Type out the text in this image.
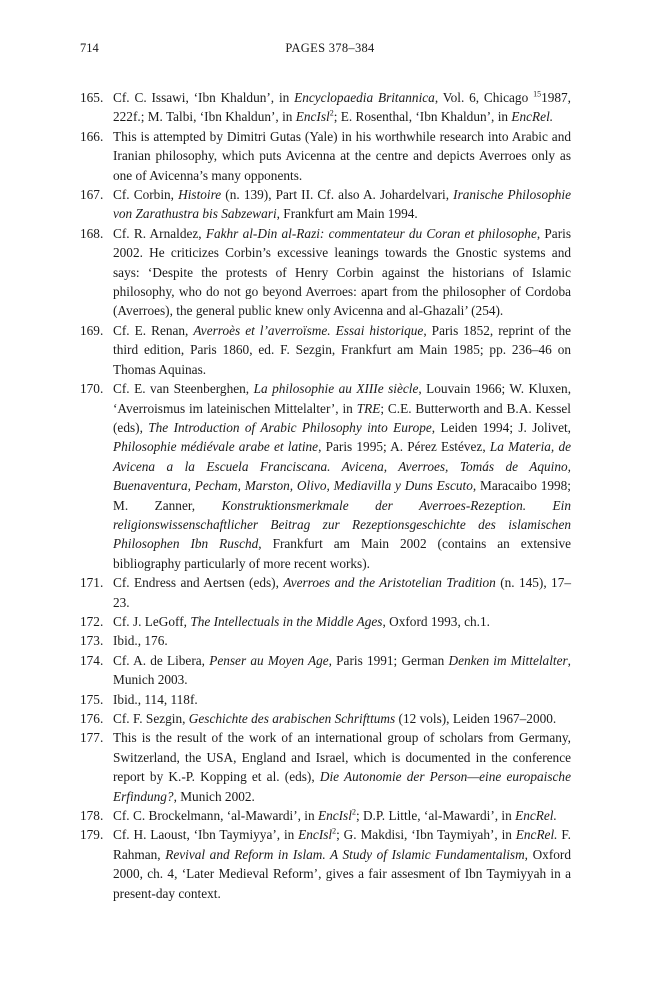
714	PAGES 378–384
165. Cf. C. Issawi, ‘Ibn Khaldun’, in Encyclopaedia Britannica, Vol. 6, Chicago $^{15}$1987, 222f.; M. Talbi, ‘Ibn Khaldun’, in EncIsl$^2$; E. Rosenthal, ‘Ibn Khaldun’, in EncRel.
166. This is attempted by Dimitri Gutas (Yale) in his worthwhile research into Arabic and Iranian philosophy, which puts Avicenna at the centre and depicts Averroes only as one of Avicenna’s many opponents.
167. Cf. Corbin, Histoire (n. 139), Part II. Cf. also A. Johardelvari, Iranische Philosophie von Zarathustra bis Sabzewari, Frankfurt am Main 1994.
168. Cf. R. Arnaldez, Fakhr al-Din al-Razi: commentateur du Coran et philosophe, Paris 2002. He criticizes Corbin’s excessive leanings towards the Gnostic systems and says: ‘Despite the protests of Henry Corbin against the historians of Islamic philosophy, who do not go beyond Averroes: apart from the philosopher of Cordoba (Averroes), the general public knew only Avicenna and al-Ghazali’ (254).
169. Cf. E. Renan, Averroès et l’averroïsme. Essai historique, Paris 1852, reprint of the third edition, Paris 1860, ed. F. Sezgin, Frankfurt am Main 1985; pp. 236–46 on Thomas Aquinas.
170. Cf. E. van Steenberghen, La philosophie au XIIIe siècle, Louvain 1966; W. Kluxen, ‘Averroismus im lateinischen Mittelalter’, in TRE; C.E. Butterworth and B.A. Kessel (eds), The Introduction of Arabic Philosophy into Europe, Leiden 1994; J. Jolivet, Philosophie médiévale arabe et latine, Paris 1995; A. Pérez Estévez, La Materia, de Avicena a la Escuela Franciscana. Avicena, Averroes, Tomás de Aquino, Buenaventura, Pecham, Marston, Olivo, Mediavilla y Duns Escuto, Maracaibo 1998; M. Zanner, Konstruktionsmerkmale der Averroes-Rezeption. Ein religionswissenschaftlicher Beitrag zur Rezeptionsgeschichte des islamischen Philosophen Ibn Ruschd, Frankfurt am Main 2002 (contains an extensive bibliography particularly of more recent works).
171. Cf. Endress and Aertsen (eds), Averroes and the Aristotelian Tradition (n. 145), 17–23.
172. Cf. J. LeGoff, The Intellectuals in the Middle Ages, Oxford 1993, ch.1.
173. Ibid., 176.
174. Cf. A. de Libera, Penser au Moyen Age, Paris 1991; German Denken im Mittelalter, Munich 2003.
175. Ibid., 114, 118f.
176. Cf. F. Sezgin, Geschichte des arabischen Schrifttums (12 vols), Leiden 1967–2000.
177. This is the result of the work of an international group of scholars from Germany, Switzerland, the USA, England and Israel, which is documented in the conference report by K.-P. Kopping et al. (eds), Die Autonomie der Person—eine europaische Erfindung?, Munich 2002.
178. Cf. C. Brockelmann, ‘al-Mawardi’, in EncIsl$^2$; D.P. Little, ‘al-Mawardi’, in EncRel.
179. Cf. H. Laoust, ‘Ibn Taymiyya’, in EncIsl$^2$; G. Makdisi, ‘Ibn Taymiyah’, in EncRel. F. Rahman, Revival and Reform in Islam. A Study of Islamic Fundamentalism, Oxford 2000, ch. 4, ‘Later Medieval Reform’, gives a fair assesment of Ibn Taymiyyah in a present-day context.
